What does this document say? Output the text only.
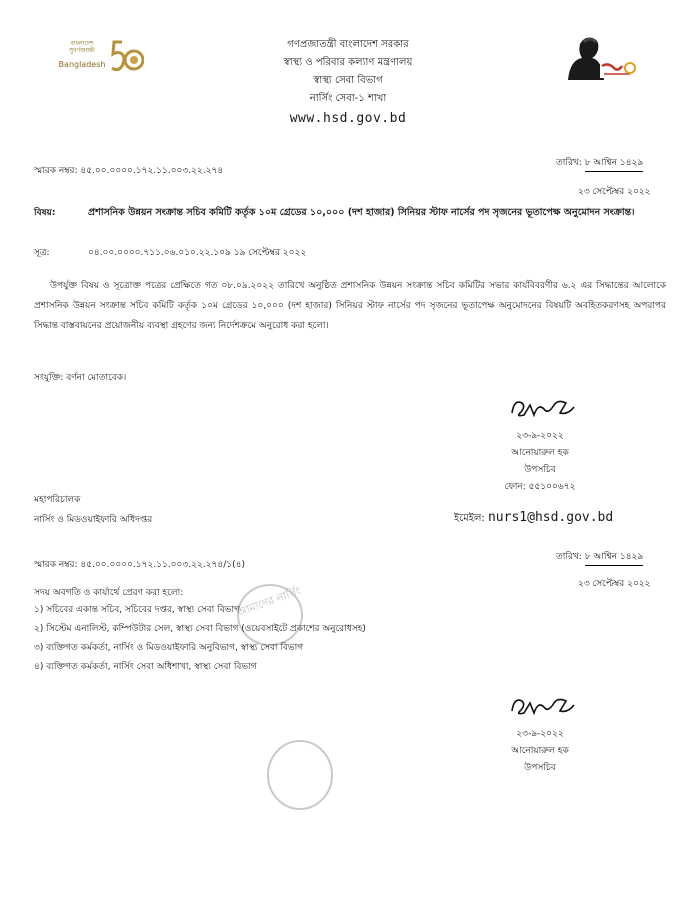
গণপ্রজাতন্ত্রী বাংলাদেশ সরকার
স্বাস্থ্য ও পরিবার কল্যাণ মন্ত্রণালয়
স্বাস্থ্য সেবা বিভাগ
নার্সিং সেবা-১ শাখা
www.hsd.gov.bd
বাংলাদেশ
সুবর্ণজয়ন্তী
Bangladesh
স্মারক নম্বর: ৪৫.০০.০০০০.১৭২.১১.০০৩.২২.২৭৪
তারিখ: ৮ আশ্বিন ১৪২৯
২৩ সেপ্টেম্বর ২০২২
বিষয়:	প্রশাসনিক উন্নয়ন সংক্রান্ত সচিব কমিটি কর্তৃক ১০ম গ্রেডের ১০,০০০ (দশ হাজার) সিনিয়র স্টাফ নার্সের পদ সৃজনের ভূতাপেক্ষ অনুমোদন সংক্রান্ত।
সূত্র:	০৪.০০.০০০০.৭১১.০৬.০১০.২২.১০৯ ১৯ সেপ্টেম্বর ২০২২
উপর্যুক্ত বিষয় ও সূত্রোক্ত পত্রের প্রেক্ষিতে গত ০৮.০৯.২০২২ তারিখে অনুষ্ঠিত প্রশাসনিক উন্নয়ন সংক্রান্ত সচিব কমিটির সভার কার্যবিবরণীর ৬.২ এর সিদ্ধান্তের আলোকে প্রশাসনিক উন্নয়ন সংক্রান্ত সচিব কমিটি কর্তৃক ১০ম গ্রেডের ১০,০০০ (দশ হাজার) সিনিয়র স্টাফ নার্সের পদ সৃজনের ভূতাপেক্ষ অনুমোদনের বিষয়টি অবহিতকরণসহ অপরাপর সিদ্ধান্ত বাস্তবায়নের প্রয়োজনীয় ব্যবস্থা গ্রহণের জন্য নির্দেশক্রমে অনুরোধ করা হলো।
সংযুক্তি: বর্ণনা মোতাবেক।
২৩-৯-২০২২
আনোয়ারুল হক
উপসচিব
ফোন: ৫৫১০০৬৭২
মহাপরিচালক
নার্সিং ও মিডওয়াইফারি অধিদপ্তর	ইমেইল: nurs1@hsd.gov.bd
স্মারক নম্বর: ৪৫.০০.০০০০.১৭২.১১.০০৩.২২.২৭৪/১(৪)
তারিখ: ৮ আশ্বিন ১৪২৯
২৩ সেপ্টেম্বর ২০২২
সদয় অবগতি ও কার্যার্থে প্রেরণ করা হলো:
১) সচিবের একান্ত সচিব, সচিবের দপ্তর, স্বাস্থ্য সেবা বিভাগ
২) সিস্টেম এনালিস্ট, কম্পিউটার সেল, স্বাস্থ্য সেবা বিভাগ (ওয়েবসাইটে প্রকাশের অনুরোধসহ)
৩) ব্যক্তিগত কর্মকর্তা, নার্সিং ও মিডওয়াইফারি অনুবিভাগ, স্বাস্থ্য সেবা বিভাগ
৪) ব্যক্তিগত কর্মকর্তা, নার্সিং সেবা অধিশাখা, স্বাস্থ্য সেবা বিভাগ
আমাদের নার্সিং
২৩-৯-২০২২
আনোয়ারুল হক
উপসচিব
